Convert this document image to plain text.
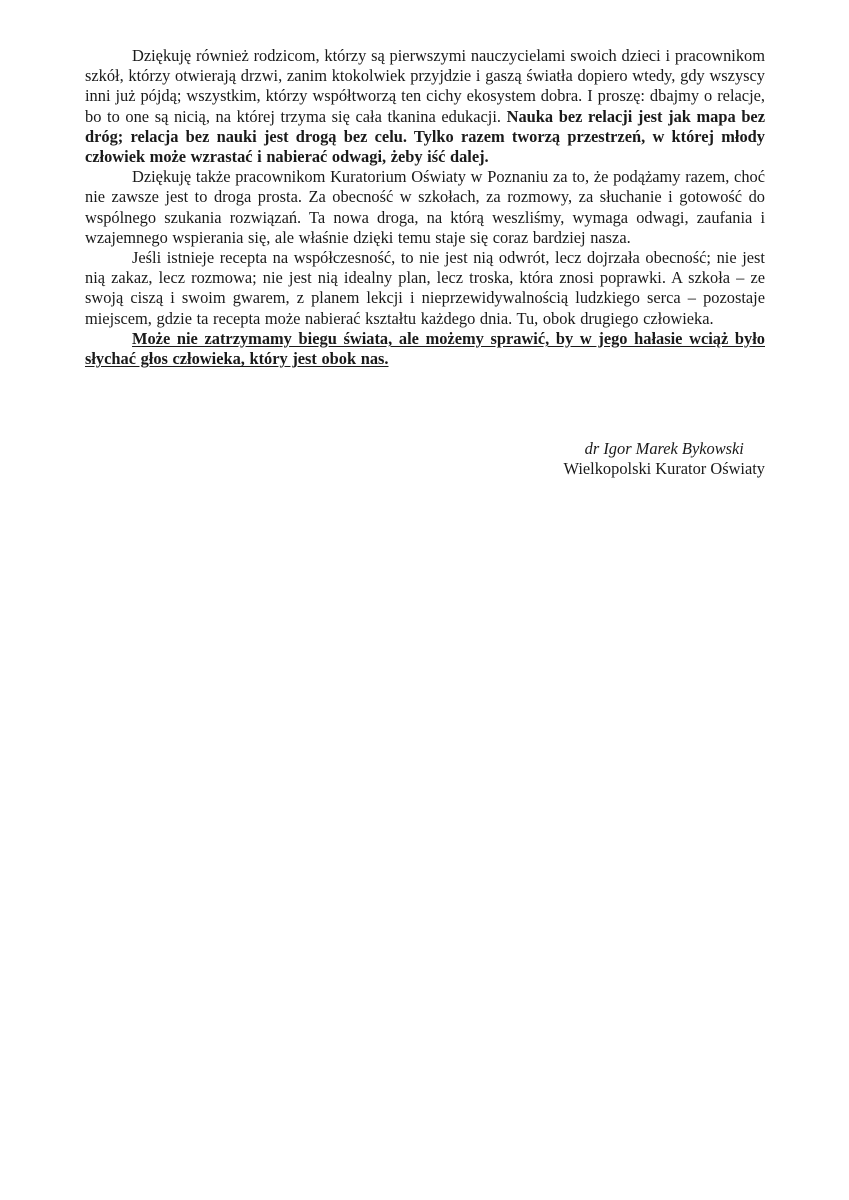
Dziękuję również rodzicom, którzy są pierwszymi nauczycielami swoich dzieci i pracownikom szkół, którzy otwierają drzwi, zanim ktokolwiek przyjdzie i gaszą światła dopiero wtedy, gdy wszyscy inni już pójdą; wszystkim, którzy współtworzą ten cichy ekosystem dobra. I proszę: dbajmy o relacje, bo to one są nicią, na której trzyma się cała tkanina edukacji. Nauka bez relacji jest jak mapa bez dróg; relacja bez nauki jest drogą bez celu. Tylko razem tworzą przestrzeń, w której młody człowiek może wzrastać i nabierać odwagi, żeby iść dalej.

Dziękuję także pracownikom Kuratorium Oświaty w Poznaniu za to, że podążamy razem, choć nie zawsze jest to droga prosta. Za obecność w szkołach, za rozmowy, za słuchanie i gotowość do wspólnego szukania rozwiązań. Ta nowa droga, na którą weszliśmy, wymaga odwagi, zaufania i wzajemnego wspierania się, ale właśnie dzięki temu staje się coraz bardziej nasza.

Jeśli istnieje recepta na współczesność, to nie jest nią odwrót, lecz dojrzała obecność; nie jest nią zakaz, lecz rozmowa; nie jest nią idealny plan, lecz troska, która znosi poprawki. A szkoła – ze swoją ciszą i swoim gwarem, z planem lekcji i nieprzewidywalnością ludzkiego serca – pozostaje miejscem, gdzie ta recepta może nabierać kształtu każdego dnia. Tu, obok drugiego człowieka.

Może nie zatrzymamy biegu świata, ale możemy sprawić, by w jego hałasie wciąż było słychać głos człowieka, który jest obok nas.

dr Igor Marek Bykowski
Wielkopolski Kurator Oświaty
